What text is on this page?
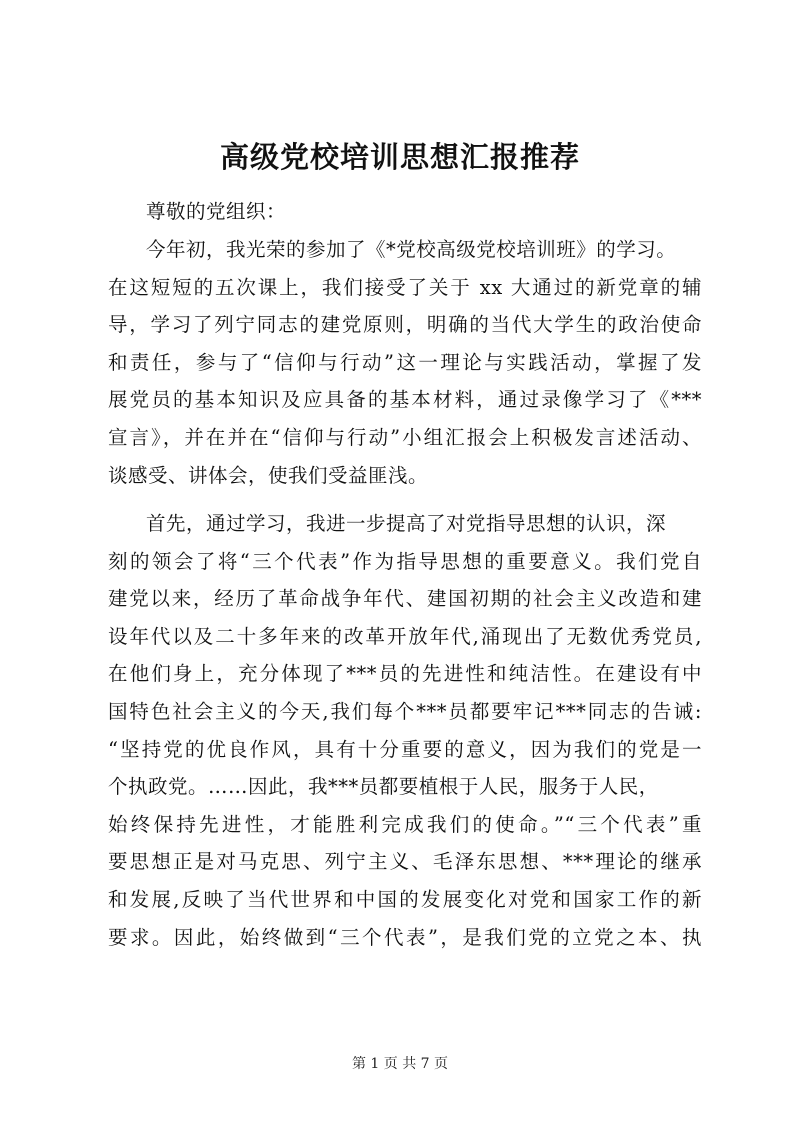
高级党校培训思想汇报推荐
尊敬的党组织：
今年初，我光荣的参加了《*党校高级党校培训班》的学习。
在这短短的五次课上，我们接受了关于 xx 大通过的新党章的辅
导，学习了列宁同志的建党原则，明确的当代大学生的政治使命
和责任，参与了“信仰与行动”这一理论与实践活动，掌握了发
展党员的基本知识及应具备的基本材料，通过录像学习了《***
宣言》，并在并在“信仰与行动”小组汇报会上积极发言述活动、
谈感受、讲体会，使我们受益匪浅。
首先，通过学习，我进一步提高了对党指导思想的认识，深
刻的领会了将“三个代表”作为指导思想的重要意义。我们党自
建党以来，经历了革命战争年代、建国初期的社会主义改造和建
设年代以及二十多年来的改革开放年代,涌现出了无数优秀党员,
在他们身上，充分体现了***员的先进性和纯洁性。在建设有中
国特色社会主义的今天,我们每个***员都要牢记***同志的告诫:
“坚持党的优良作风，具有十分重要的意义，因为我们的党是一
个执政党。……因此，我***员都要植根于人民，服务于人民，
始终保持先进性，才能胜利完成我们的使命。”“三个代表”重
要思想正是对马克思、列宁主义、毛泽东思想、***理论的继承
和发展,反映了当代世界和中国的发展变化对党和国家工作的新
要求。因此，始终做到“三个代表”，是我们党的立党之本、执
第 1 页 共 7 页
